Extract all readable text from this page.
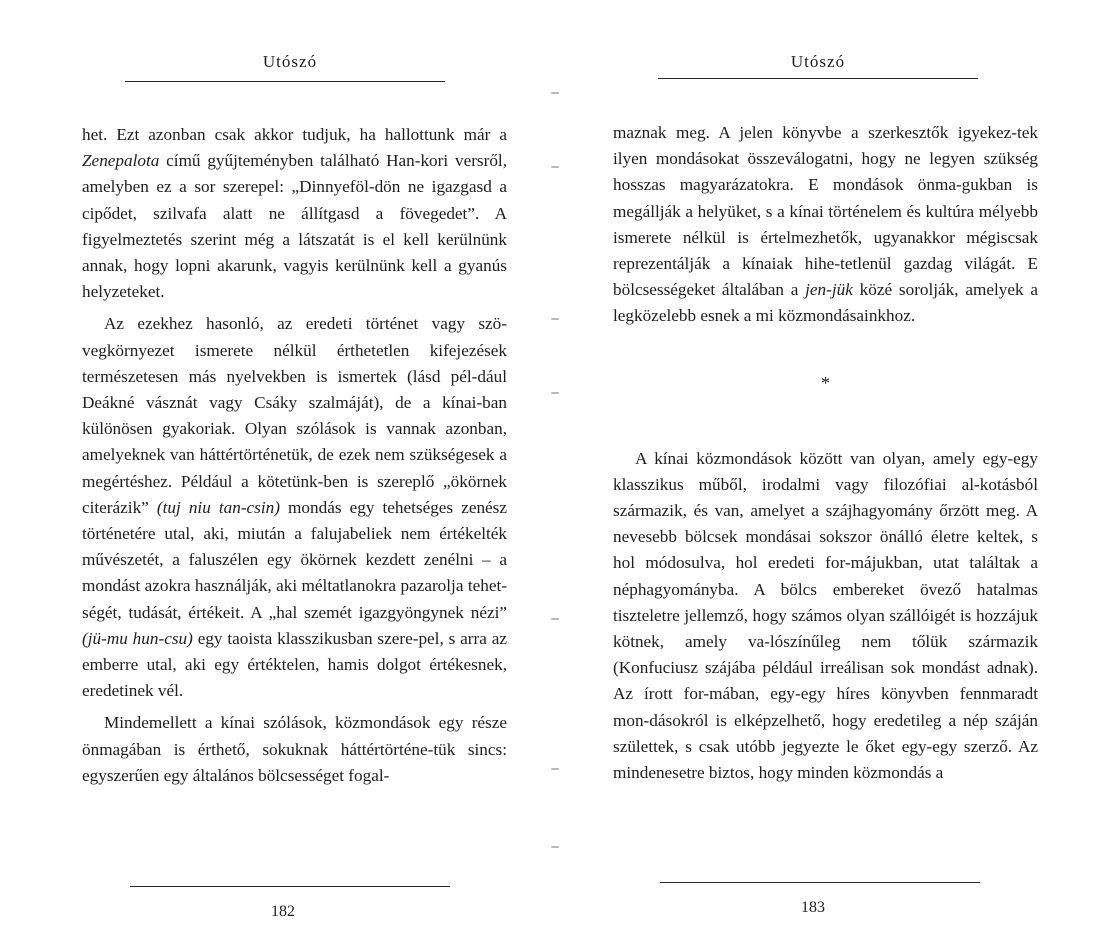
Utószó

het. Ezt azonban csak akkor tudjuk, ha hallottunk már a Zenepalota című gyűjteményben található Han-kori versről, amelyben ez a sor szerepel: „Dinnyeföl-dön ne igazgasd a cipődet, szilvafa alatt ne állítgasd a fövegedet”. A figyelmeztetés szerint még a látszatát is el kell kerülnünk annak, hogy lopni akarunk, vagyis kerülnünk kell a gyanús helyzeteket.

Az ezekhez hasonló, az eredeti történet vagy szö-vegkörnyezet ismerete nélkül érthetetlen kifejezések természetesen más nyelvekben is ismertek (lásd pél-dául Deákné vásznát vagy Csáky szalmáját), de a kínai-ban különösen gyakoriak. Olyan szólások is vannak azonban, amelyeknek van háttértörténetük, de ezek nem szükségesek a megértéshez. Például a kötetünk-ben is szereplő „ökörnek citerázik” (tuj niu tan-csin) mondás egy tehetséges zenész történetére utal, aki, miután a falujabeliek nem értékelték művészetét, a faluszélen egy ökörnek kezdett zenélni – a mondást azokra használják, aki méltatlanokra pazarolja tehet-ségét, tudását, értékeit. A „hal szemét igazgyöngynek nézi” (jü-mu hun-csu) egy taoista klasszikusban szere-pel, s arra az emberre utal, aki egy értéktelen, hamis dolgot értékesnek, eredetinek vél.

Mindemellett a kínai szólások, közmondások egy része önmagában is érthető, sokuknak háttértörténe-tük sincs: egyszerűen egy általános bölcsességet fogal-

182
Utószó

maznak meg. A jelen könyvbe a szerkesztők igyekez-tek ilyen mondásokat összeválogatni, hogy ne legyen szükség hosszas magyarázatokra. E mondások önma-gukban is megállják a helyüket, s a kínai történelem és kultúra mélyebb ismerete nélkül is értelmezhetők, ugyanakkor mégiscsak reprezentálják a kínaiak hihe-tetlenül gazdag világát. E bölcsességeket általában a jen-jük közé sorolják, amelyek a legközelebb esnek a mi közmondásainkhoz.

*

A kínai közmondások között van olyan, amely egy-egy klasszikus műből, irodalmi vagy filozófiai al-kotásból származik, és van, amelyet a szájhagyomány őrzött meg. A nevesebb bölcsek mondásai sokszor önálló életre keltek, s hol módosulva, hol eredeti for-májukban, utat találtak a néphagyományba. A bölcs embereket övező hatalmas tiszteletre jellemző, hogy számos olyan szállóigét is hozzájuk kötnek, amely va-lószínűleg nem tőlük származik (Konfuciusz szájába például irreálisan sok mondást adnak). Az írott for-mában, egy-egy híres könyvben fennmaradt mon-dásokról is elképzelhető, hogy eredetileg a nép száján születtek, s csak utóbb jegyezte le őket egy-egy szerző. Az mindenesetre biztos, hogy minden közmondás a

183
